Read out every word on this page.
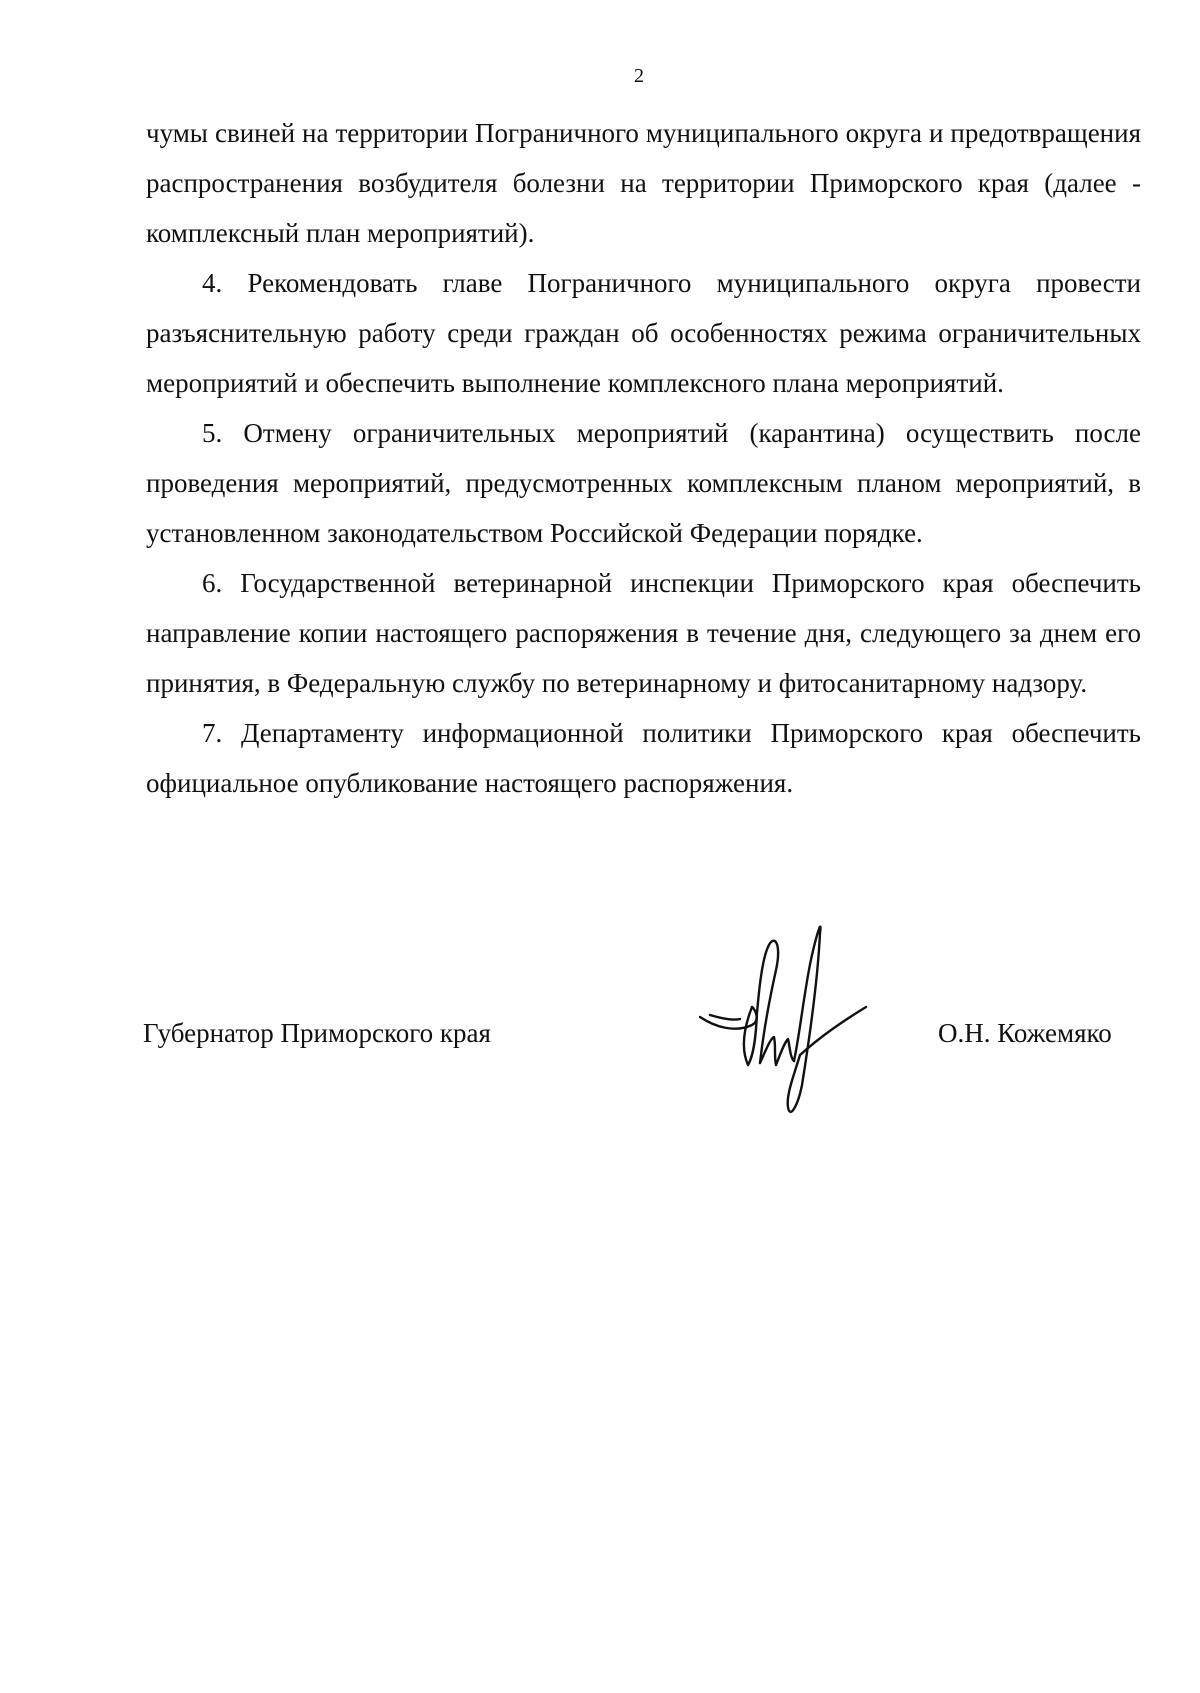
2

чумы свиней на территории Пограничного муниципального округа и предотвращения распространения возбудителя болезни на территории Приморского края (далее - комплексный план мероприятий).

4. Рекомендовать главе Пограничного муниципального округа провести разъяснительную работу среди граждан об особенностях режима ограничительных мероприятий и обеспечить выполнение комплексного плана мероприятий.

5. Отмену ограничительных мероприятий (карантина) осуществить после проведения мероприятий, предусмотренных комплексным планом мероприятий, в установленном законодательством Российской Федерации порядке.

6. Государственной ветеринарной инспекции Приморского края обеспечить направление копии настоящего распоряжения в течение дня, следующего за днем его принятия, в Федеральную службу по ветеринарному и фитосанитарному надзору.

7. Департаменту информационной политики Приморского края обеспечить официальное опубликование настоящего распоряжения.

Губернатор Приморского края	О.Н. Кожемяко
